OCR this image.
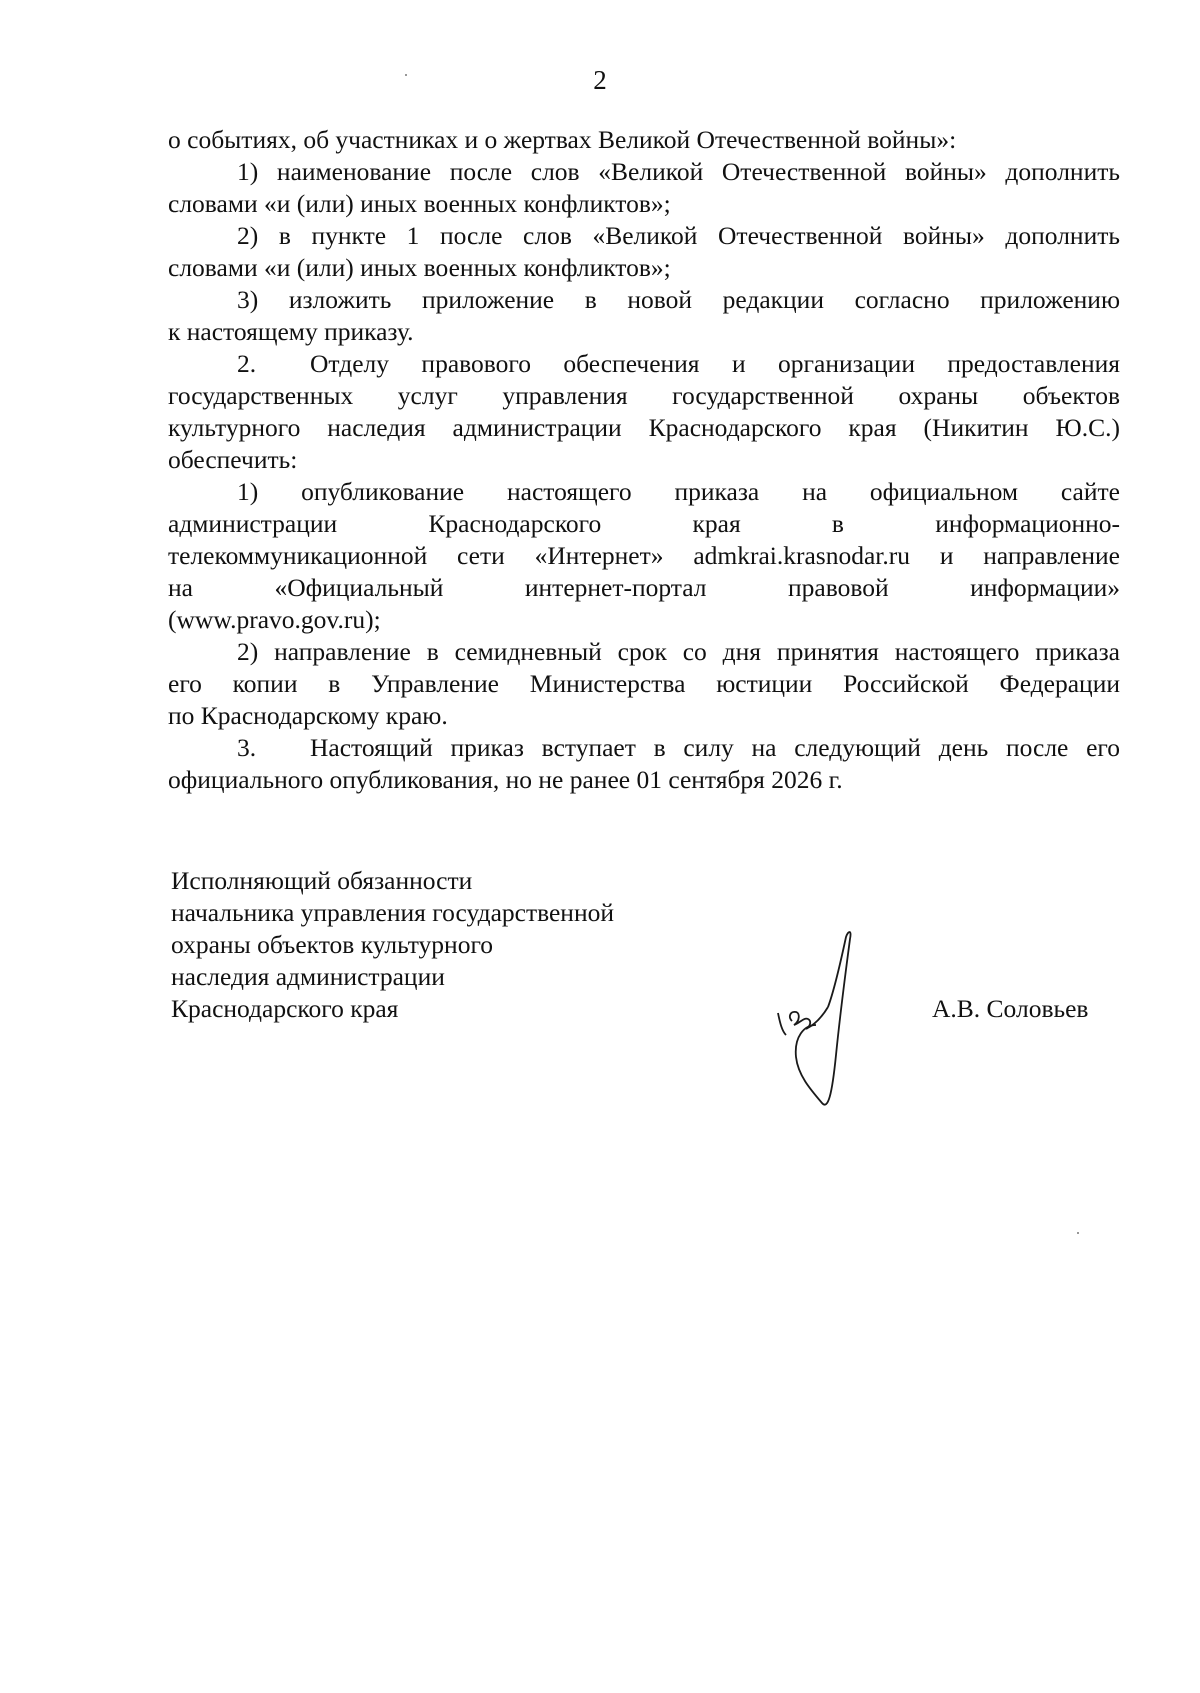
2
о событиях, об участниках и о жертвах Великой Отечественной войны»:
1) наименование после слов «Великой Отечественной войны» дополнить
словами «и (или) иных военных конфликтов»;
2) в пункте 1 после слов «Великой Отечественной войны» дополнить
словами «и (или) иных военных конфликтов»;
3) изложить приложение в новой редакции согласно приложению
к настоящему приказу.
2. Отделу правового обеспечения и организации предоставления
государственных услуг управления государственной охраны объектов
культурного наследия администрации Краснодарского края (Никитин Ю.С.)
обеспечить:
1) опубликование настоящего приказа на официальном сайте
администрации Краснодарского края в информационно-
телекоммуникационной сети «Интернет» admkrai.krasnodar.ru и направление
на «Официальный интернет-портал правовой информации»
(www.pravo.gov.ru);
2) направление в семидневный срок со дня принятия настоящего приказа
его копии в Управление Министерства юстиции Российской Федерации
по Краснодарскому краю.
3. Настоящий приказ вступает в силу на следующий день после его
официального опубликования, но не ранее 01 сентября 2026 г.
Исполняющий обязанности
начальника управления государственной
охраны объектов культурного
наследия администрации
Краснодарского края	А.В. Соловьев
